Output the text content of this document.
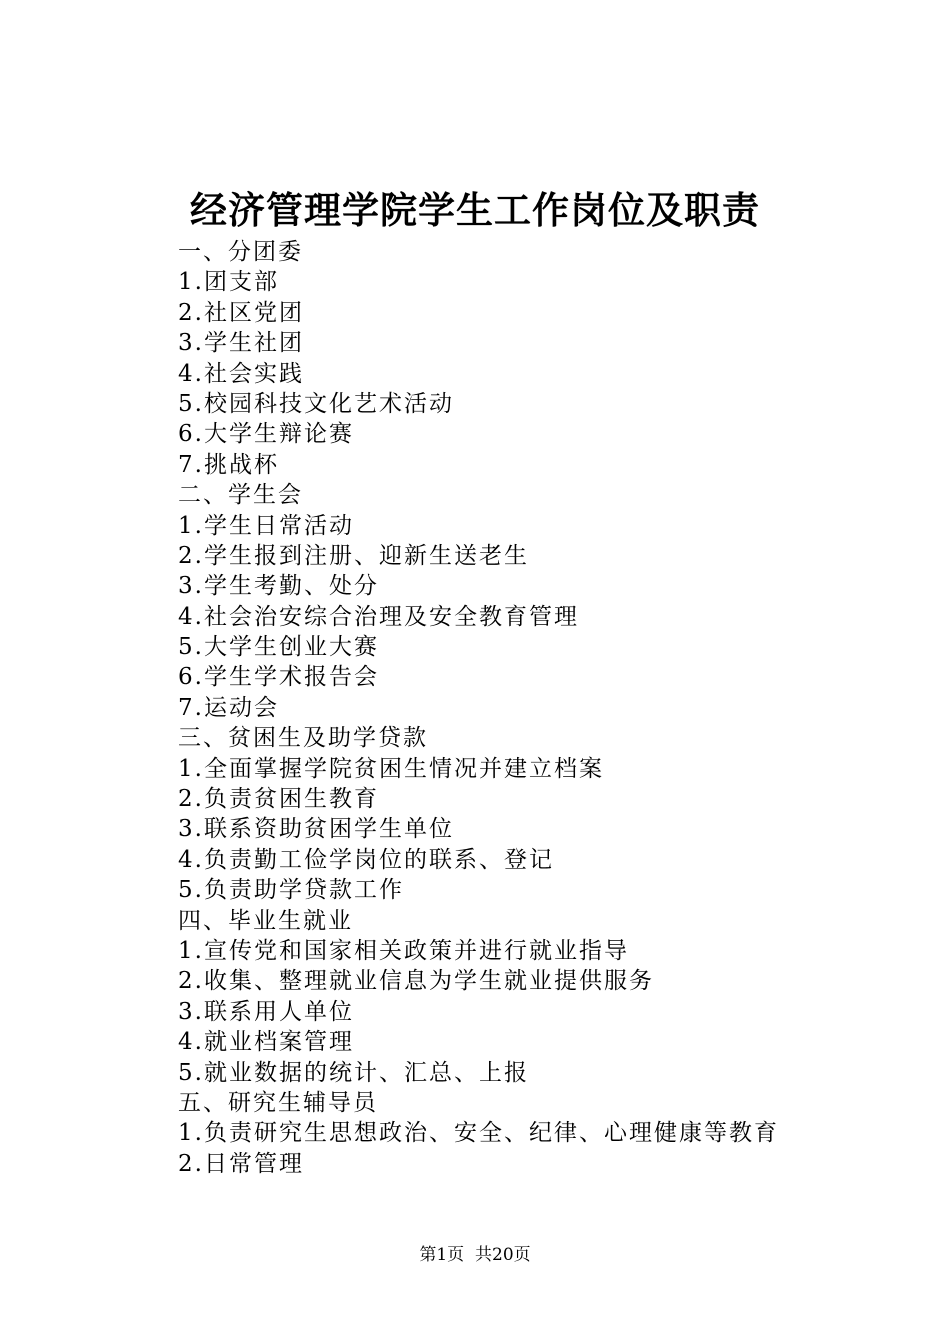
经济管理学院学生工作岗位及职责
一、分团委
1.团支部
2.社区党团
3.学生社团
4.社会实践
5.校园科技文化艺术活动
6.大学生辩论赛
7.挑战杯
二、学生会
1.学生日常活动
2.学生报到注册、迎新生送老生
3.学生考勤、处分
4.社会治安综合治理及安全教育管理
5.大学生创业大赛
6.学生学术报告会
7.运动会
三、贫困生及助学贷款
1.全面掌握学院贫困生情况并建立档案
2.负责贫困生教育
3.联系资助贫困学生单位
4.负责勤工俭学岗位的联系、登记
5.负责助学贷款工作
四、毕业生就业
1.宣传党和国家相关政策并进行就业指导
2.收集、整理就业信息为学生就业提供服务
3.联系用人单位
4.就业档案管理
5.就业数据的统计、汇总、上报
五、研究生辅导员
1.负责研究生思想政治、安全、纪律、心理健康等教育
2.日常管理
第1页 共20页
